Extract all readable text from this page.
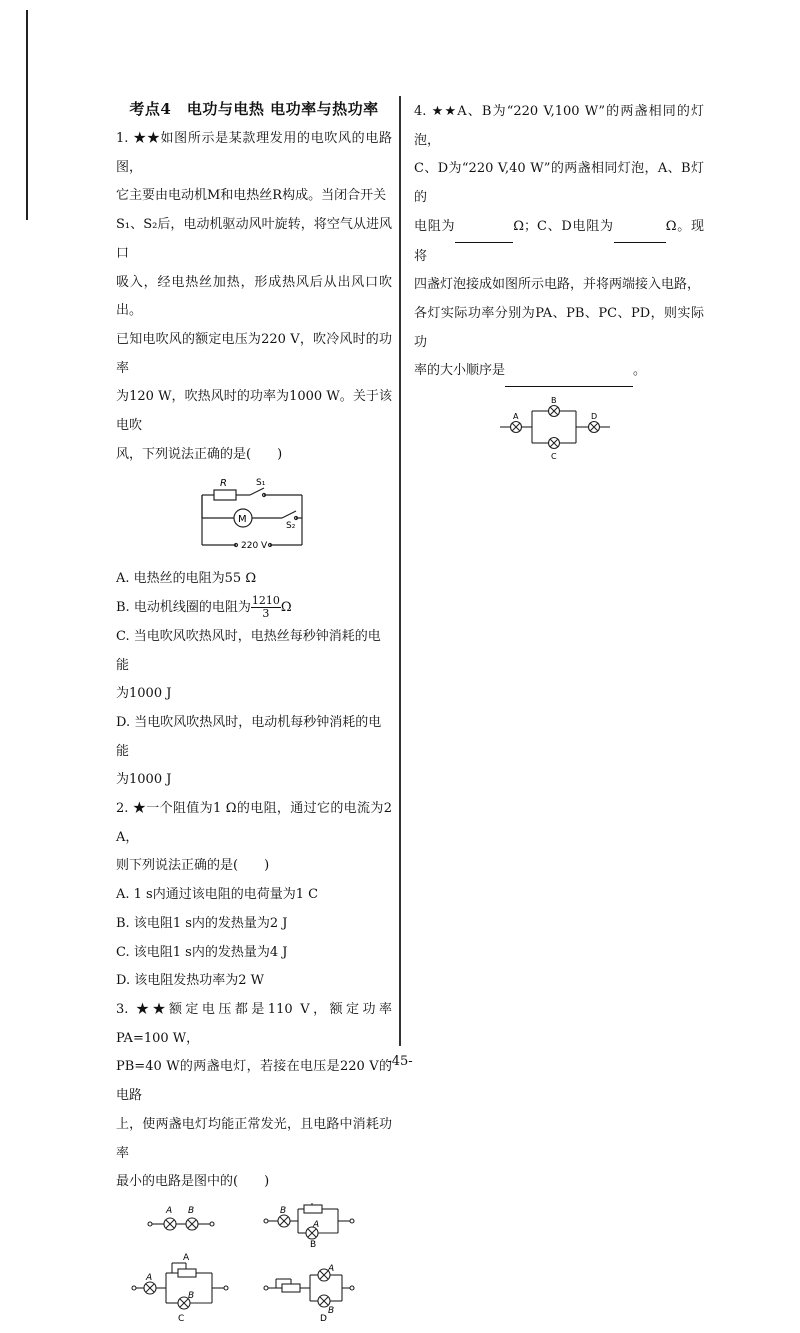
考点4　电功与电热 电功率与热功率

1. ★★如图所示是某款理发用的电吹风的电路图，

它主要由电动机M和电热丝R构成。当闭合开关

S₁、S₂后，电动机驱动风叶旋转，将空气从进风口

吸入，经电热丝加热，形成热风后从出风口吹出。

已知电吹风的额定电压为220 V，吹冷风时的功率

为120 W，吹热风时的功率为1000 W。关于该电吹

风，下列说法正确的是(　　)

R	S₁
S₂
M
220 V

A. 电热丝的电阻为55 Ω

B. 电动机线圈的电阻为 $\frac{1210}{3}$ Ω

C. 当电吹风吹热风时，电热丝每秒钟消耗的电能

为1000 J

D. 当电吹风吹热风时，电动机每秒钟消耗的电能

为1000 J

2. ★一个阻值为1 Ω的电阻，通过它的电流为2 A，

则下列说法正确的是(　　)

A. 1 s内通过该电阻的电荷量为1 C

B. 该电阻1 s内的发热量为2 J

C. 该电阻1 s内的发热量为4 J

D. 该电阻发热功率为2 W

3. ★★额定电压都是110 V，额定功率PA=100 W，

PB=40 W的两盏电灯，若接在电压是220 V的电路

上，使两盏电灯均能正常发光，且电路中消耗功率

最小的电路是图中的(　　)

A B	B
A
A
B
A
B
A
B
C	D

4. ★★A、B为“220 V,100 W”的两盏相同的灯泡，

C、D为“220 V,40 W”的两盏相同灯泡，A、B灯的

电阻为	Ω；C、D电阻为	Ω。现将

四盏灯泡接成如图所示电路，并将两端接入电路，

各灯实际功率分别为PA、PB、PC、PD，则实际功

率的大小顺序是	。

A
B
C
D
-45-
